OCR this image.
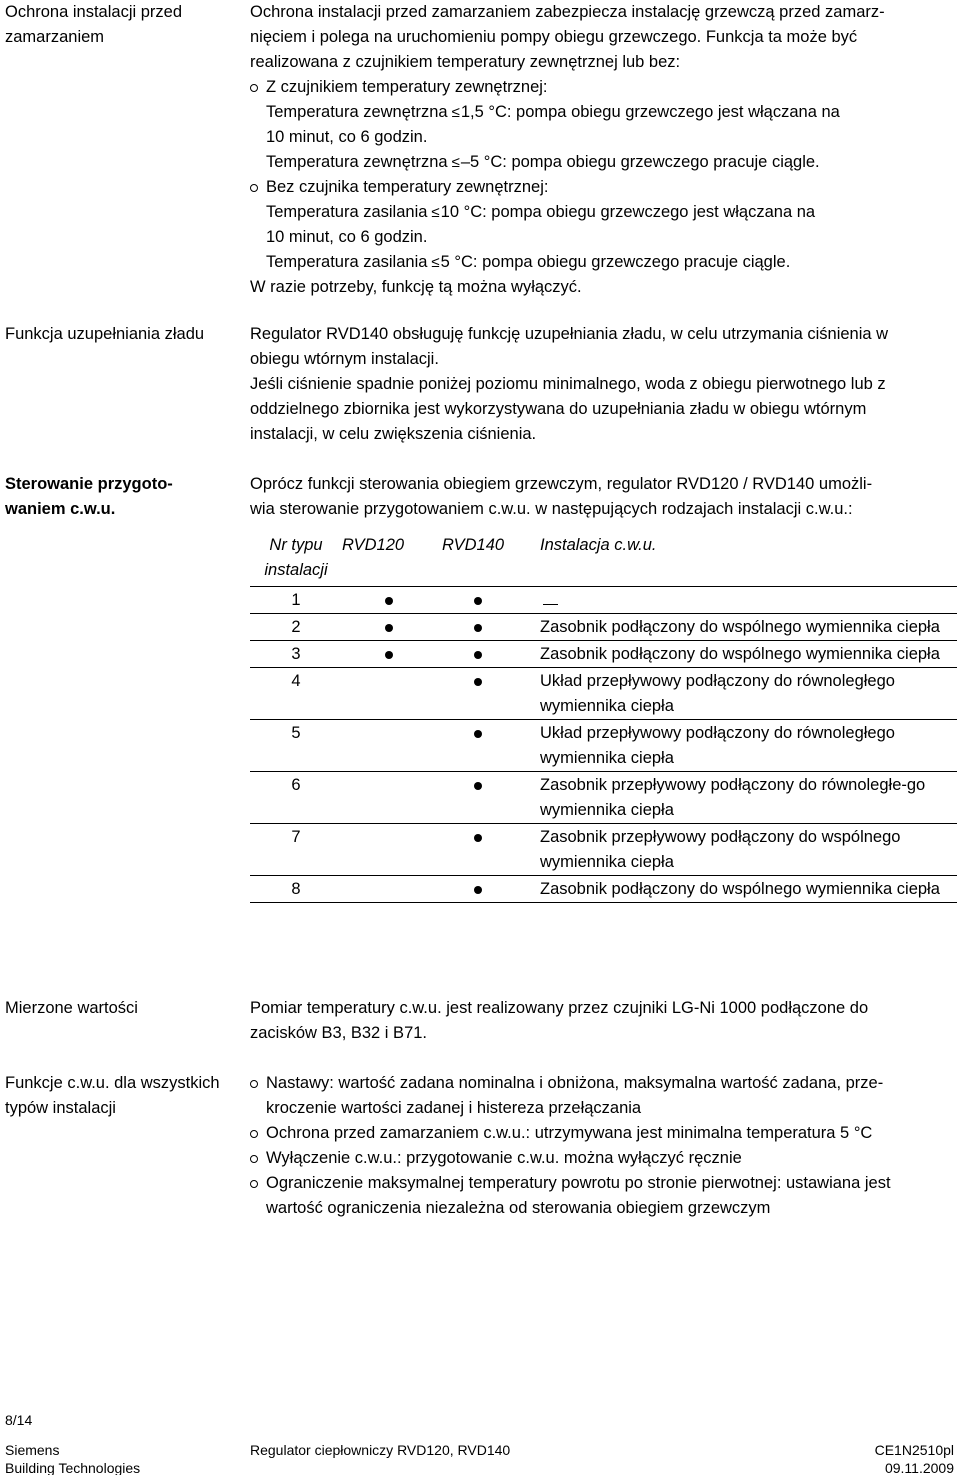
Ochrona instalacji przed zamarzaniem
Ochrona instalacji przed zamarzaniem zabezpiecza instalację grzewczą przed zamarz-
nięciem i polega na uruchomieniu pompy obiegu grzewczego. Funkcja ta może być
realizowana z czujnikiem temperatury zewnętrznej lub bez:
Z czujnikiem temperatury zewnętrznej:
Temperatura zewnętrzna ≤1,5 °C: pompa obiegu grzewczego jest włączana na
10 minut, co 6 godzin.
Temperatura zewnętrzna ≤–5 °C: pompa obiegu grzewczego pracuje ciągle.
Bez czujnika temperatury zewnętrznej:
Temperatura zasilania ≤10 °C: pompa obiegu grzewczego jest włączana na
10 minut, co 6 godzin.
Temperatura zasilania ≤5 °C: pompa obiegu grzewczego pracuje ciągle.
W razie potrzeby, funkcję tą można wyłączyć.
Funkcja uzupełniania zładu	Regulator RVD140 obsługuję funkcję uzupełniania zładu, w celu utrzymania ciśnienia w
obiegu wtórnym instalacji.
Jeśli ciśnienie spadnie poniżej poziomu minimalnego, woda z obiegu pierwotnego lub z
oddzielnego zbiornika jest wykorzystywana do uzupełniania zładu w obiegu wtórnym
instalacji, w celu zwiększenia ciśnienia.
Sterowanie przygoto-waniem c.w.u.
Oprócz funkcji sterowania obiegiem grzewczym, regulator RVD120 / RVD140 umożli-
wia sterowanie przygotowaniem c.w.u. w następujących rodzajach instalacji c.w.u.:
Nr typu instalacji	RVD120	RVD140	Instalacja c.w.u.
1			
2			Zasobnik podłączony do wspólnego wymiennika ciepła
3			Zasobnik podłączony do wspólnego wymiennika ciepła
4			Układ przepływowy podłączony do równoległego wymiennika ciepła
5			Układ przepływowy podłączony do równoległego wymiennika ciepła
6			Zasobnik przepływowy podłączony do równoległe-go wymiennika ciepła
7			Zasobnik przepływowy podłączony do wspólnego wymiennika ciepła
8			Zasobnik podłączony do wspólnego wymiennika ciepła
Mierzone wartości	Pomiar temperatury c.w.u. jest realizowany przez czujniki LG-Ni 1000 podłączone do
zacisków B3, B32 i B71.
Funkcje c.w.u. dla wszystkich typów instalacji
Nastawy: wartość zadana nominalna i obniżona, maksymalna wartość zadana, prze-
kroczenie wartości zadanej i histereza przełączania
Ochrona przed zamarzaniem c.w.u.: utrzymywana jest minimalna temperatura 5 °C
Wyłączenie c.w.u.: przygotowanie c.w.u. można wyłączyć ręcznie
Ograniczenie maksymalnej temperatury powrotu po stronie pierwotnej: ustawiana jest
wartość ograniczenia niezależna od sterowania obiegiem grzewczym
8/14
Siemens
Building Technologies
Regulator ciepłowniczy RVD120, RVD140	CE1N2510pl
09.11.2009
